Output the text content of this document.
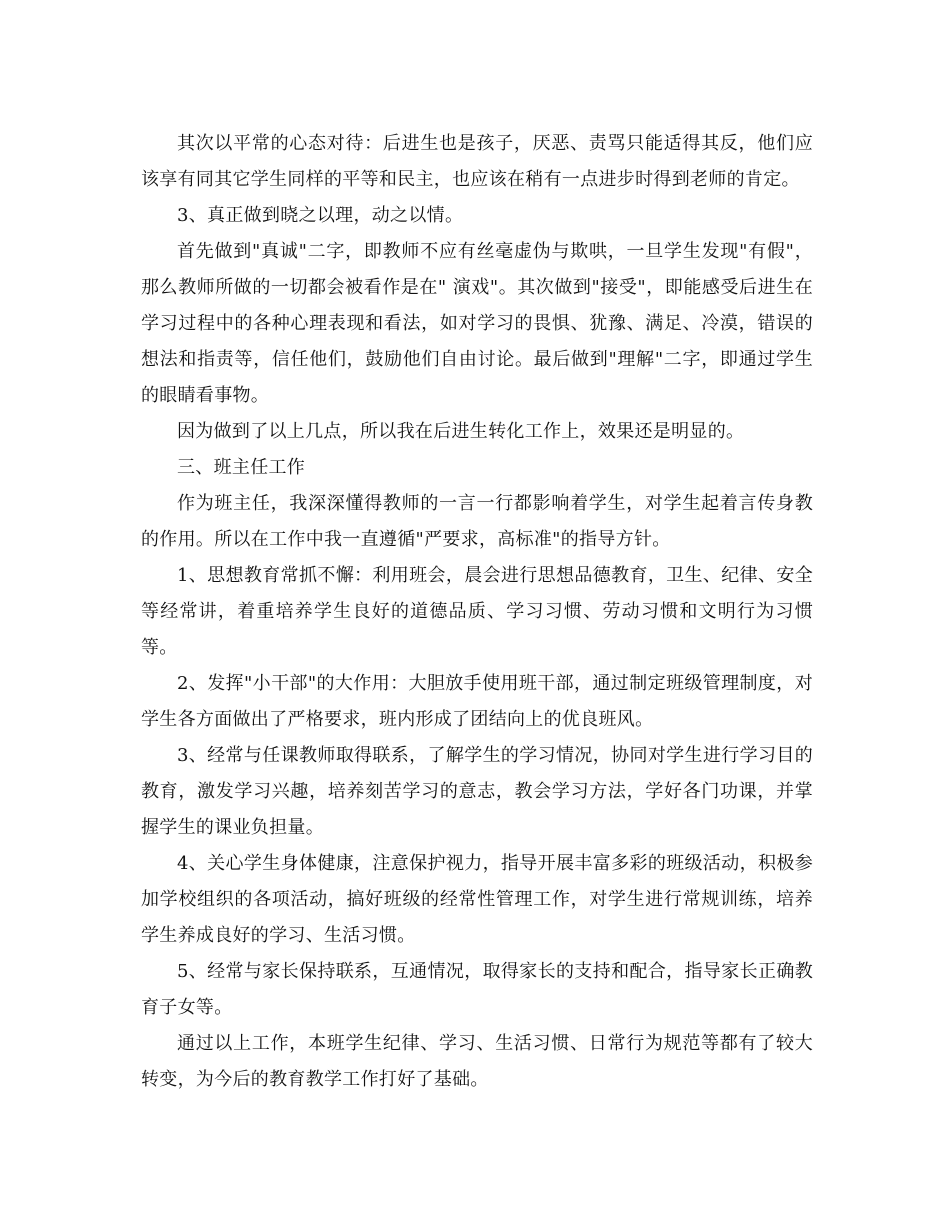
其次以平常的心态对待：后进生也是孩子，厌恶、责骂只能适得其反，他们应该享有同其它学生同样的平等和民主，也应该在稍有一点进步时得到老师的肯定。

3、真正做到晓之以理，动之以情。

首先做到"真诚"二字，即教师不应有丝毫虚伪与欺哄，一旦学生发现"有假"，那么教师所做的一切都会被看作是在" 演戏"。其次做到"接受"，即能感受后进生在学习过程中的各种心理表现和看法，如对学习的畏惧、犹豫、满足、冷漠，错误的想法和指责等，信任他们，鼓励他们自由讨论。最后做到"理解"二字，即通过学生的眼睛看事物。

因为做到了以上几点，所以我在后进生转化工作上，效果还是明显的。

三、班主任工作

作为班主任，我深深懂得教师的一言一行都影响着学生，对学生起着言传身教的作用。所以在工作中我一直遵循"严要求，高标准"的指导方针。

1、思想教育常抓不懈：利用班会，晨会进行思想品德教育，卫生、纪律、安全等经常讲，着重培养学生良好的道德品质、学习习惯、劳动习惯和文明行为习惯等。

2、发挥"小干部"的大作用：大胆放手使用班干部，通过制定班级管理制度，对学生各方面做出了严格要求，班内形成了团结向上的优良班风。

3、经常与任课教师取得联系，了解学生的学习情况，协同对学生进行学习目的教育，激发学习兴趣，培养刻苦学习的意志，教会学习方法，学好各门功课，并掌握学生的课业负担量。

4、关心学生身体健康，注意保护视力，指导开展丰富多彩的班级活动，积极参加学校组织的各项活动，搞好班级的经常性管理工作，对学生进行常规训练，培养学生养成良好的学习、生活习惯。

5、经常与家长保持联系，互通情况，取得家长的支持和配合，指导家长正确教育子女等。

通过以上工作，本班学生纪律、学习、生活习惯、日常行为规范等都有了较大转变，为今后的教育教学工作打好了基础。
